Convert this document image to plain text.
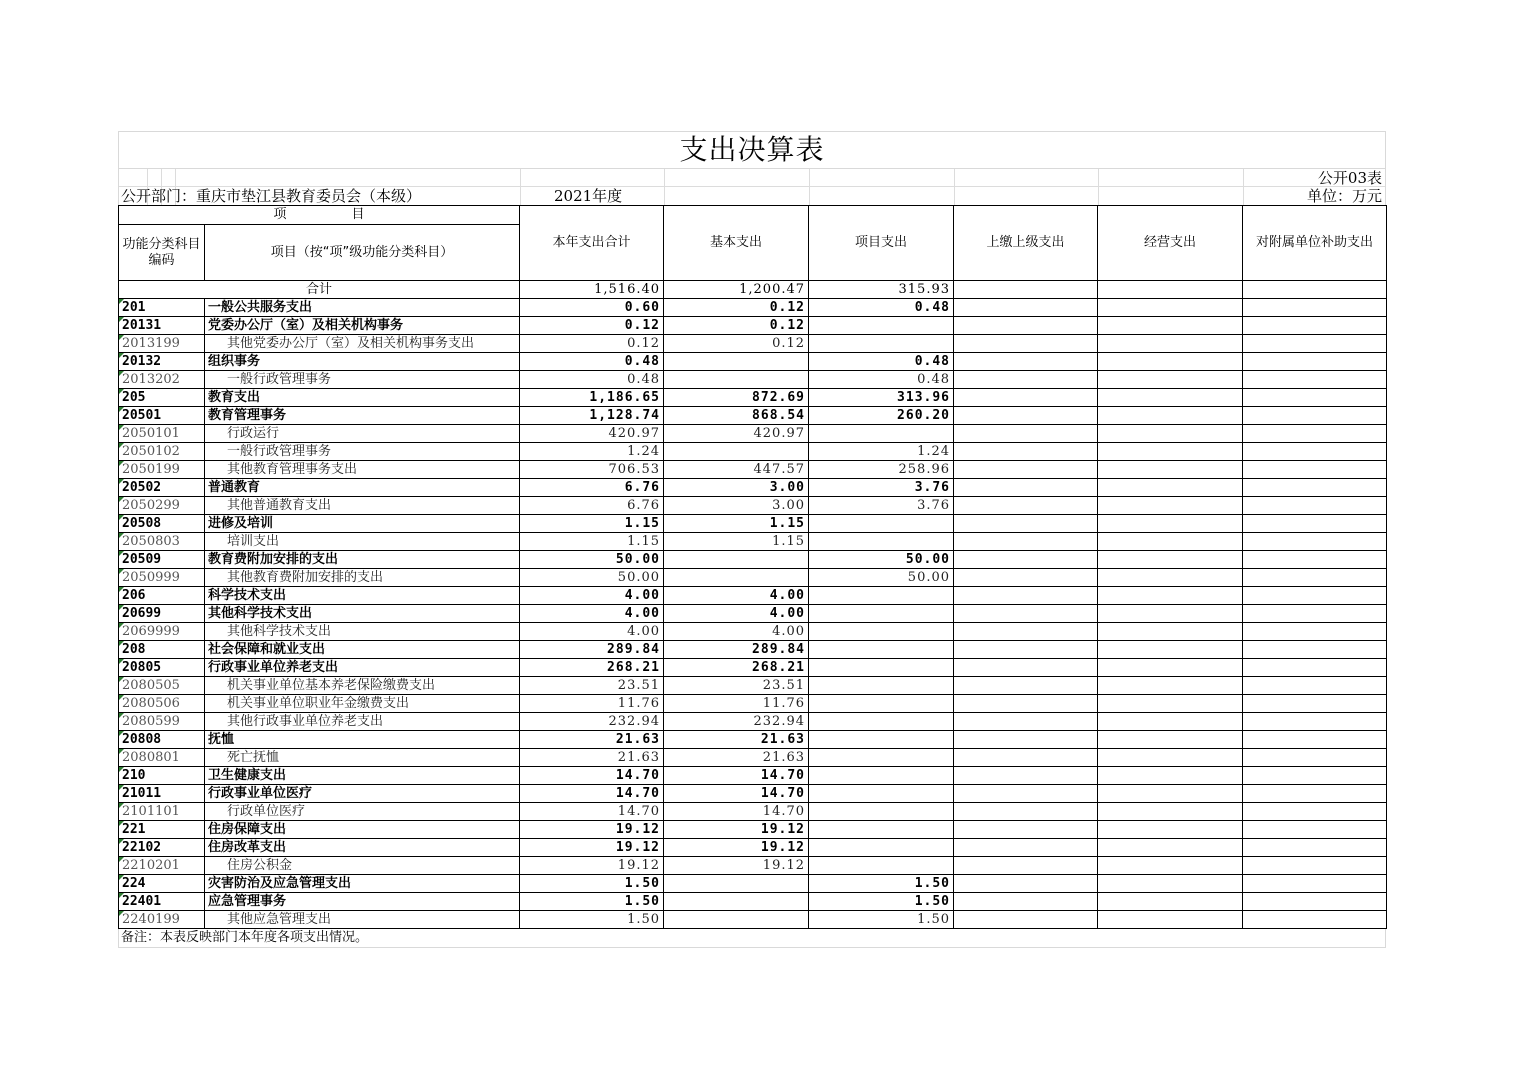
支出决算表
公开03表
公开部门：重庆市垫江县教育委员会（本级）	2021年度	单位：万元
项　　　　　目		本年支出合计	基本支出	项目支出	上缴上级支出	经营支出	对附属单位补助支出
功能分类科目编码	项目（按“项”级功能分类科目）						
合计		1,516.40	1,200.47	315.93			
201	一般公共服务支出	0.60	0.12	0.48			
20131	党委办公厅（室）及相关机构事务	0.12	0.12				
2013199	其他党委办公厅（室）及相关机构事务支出	0.12	0.12				
20132	组织事务	0.48		0.48			
2013202	一般行政管理事务	0.48		0.48			
205	教育支出	1,186.65	872.69	313.96			
20501	教育管理事务	1,128.74	868.54	260.20			
2050101	行政运行	420.97	420.97				
2050102	一般行政管理事务	1.24		1.24			
2050199	其他教育管理事务支出	706.53	447.57	258.96			
20502	普通教育	6.76	3.00	3.76			
2050299	其他普通教育支出	6.76	3.00	3.76			
20508	进修及培训	1.15	1.15				
2050803	培训支出	1.15	1.15				
20509	教育费附加安排的支出	50.00		50.00			
2050999	其他教育费附加安排的支出	50.00		50.00			
206	科学技术支出	4.00	4.00				
20699	其他科学技术支出	4.00	4.00				
2069999	其他科学技术支出	4.00	4.00				
208	社会保障和就业支出	289.84	289.84				
20805	行政事业单位养老支出	268.21	268.21				
2080505	机关事业单位基本养老保险缴费支出	23.51	23.51				
2080506	机关事业单位职业年金缴费支出	11.76	11.76				
2080599	其他行政事业单位养老支出	232.94	232.94				
20808	抚恤	21.63	21.63				
2080801	死亡抚恤	21.63	21.63				
210	卫生健康支出	14.70	14.70				
21011	行政事业单位医疗	14.70	14.70				
2101101	行政单位医疗	14.70	14.70				
221	住房保障支出	19.12	19.12				
22102	住房改革支出	19.12	19.12				
2210201	住房公积金	19.12	19.12				
224	灾害防治及应急管理支出	1.50		1.50			
22401	应急管理事务	1.50		1.50			
2240199	其他应急管理支出	1.50		1.50			
备注：本表反映部门本年度各项支出情况。
